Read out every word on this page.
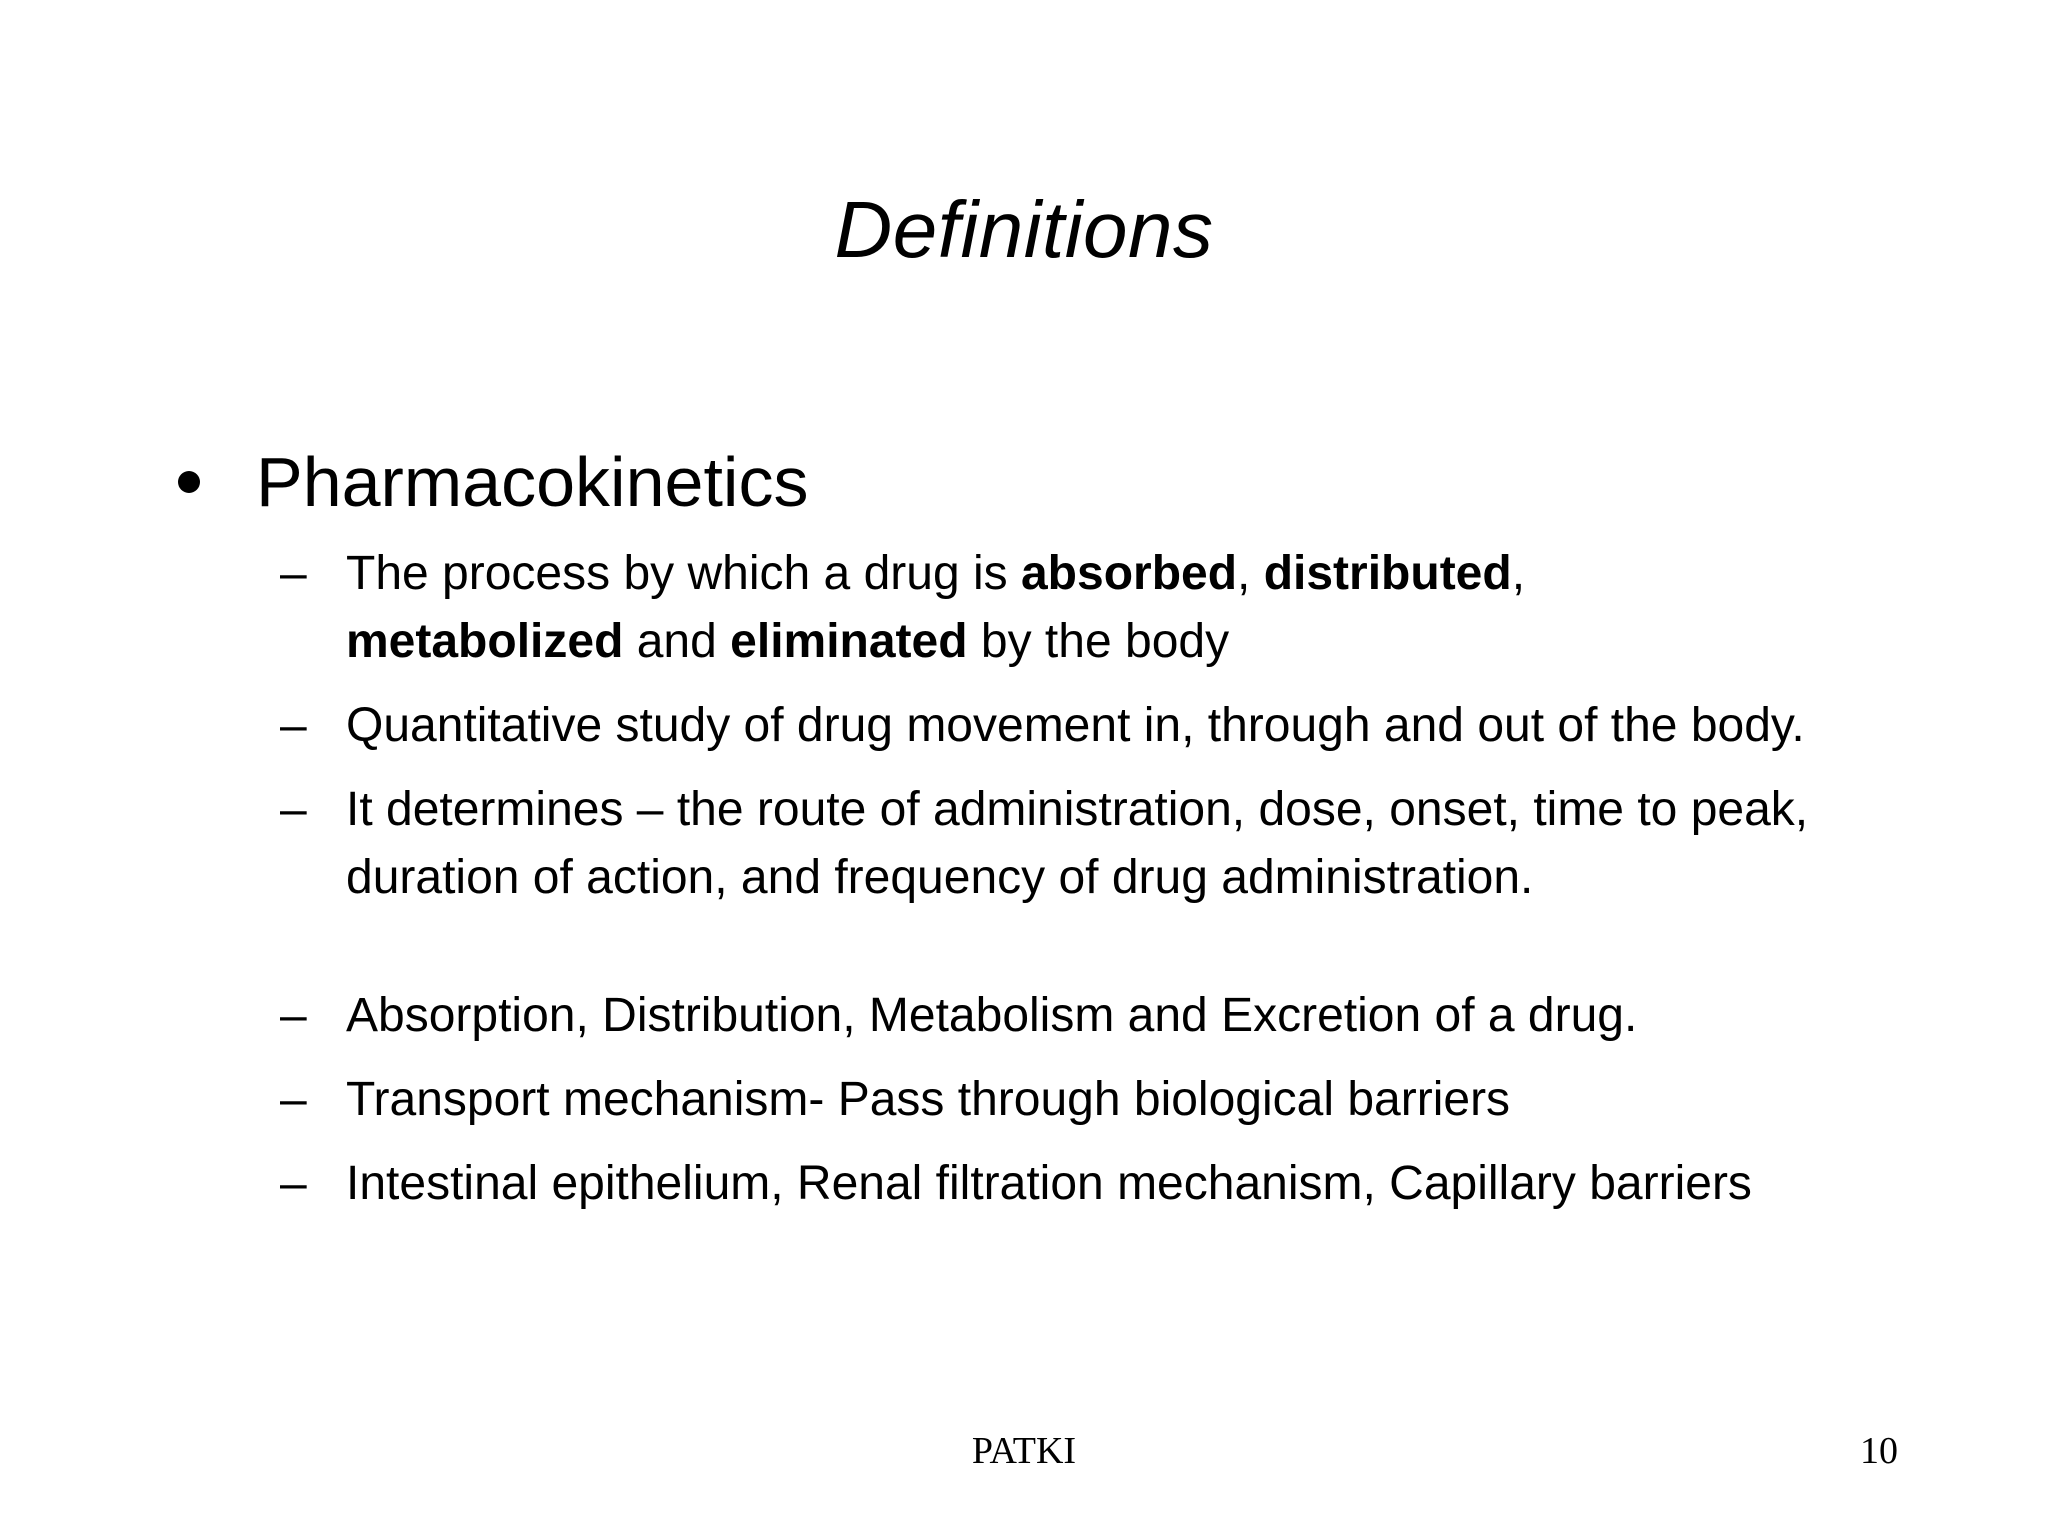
Definitions
Pharmacokinetics
– The process by which a drug is absorbed, distributed,
metabolized and eliminated by the body
– Quantitative study of drug movement in, through and out of the body.
– It determines – the route of administration, dose, onset, time to peak, duration of action, and frequency of drug administration.
– Absorption, Distribution, Metabolism and Excretion of a drug.
– Transport mechanism- Pass through biological barriers
– Intestinal epithelium, Renal filtration mechanism, Capillary barriers
PATKI	10
